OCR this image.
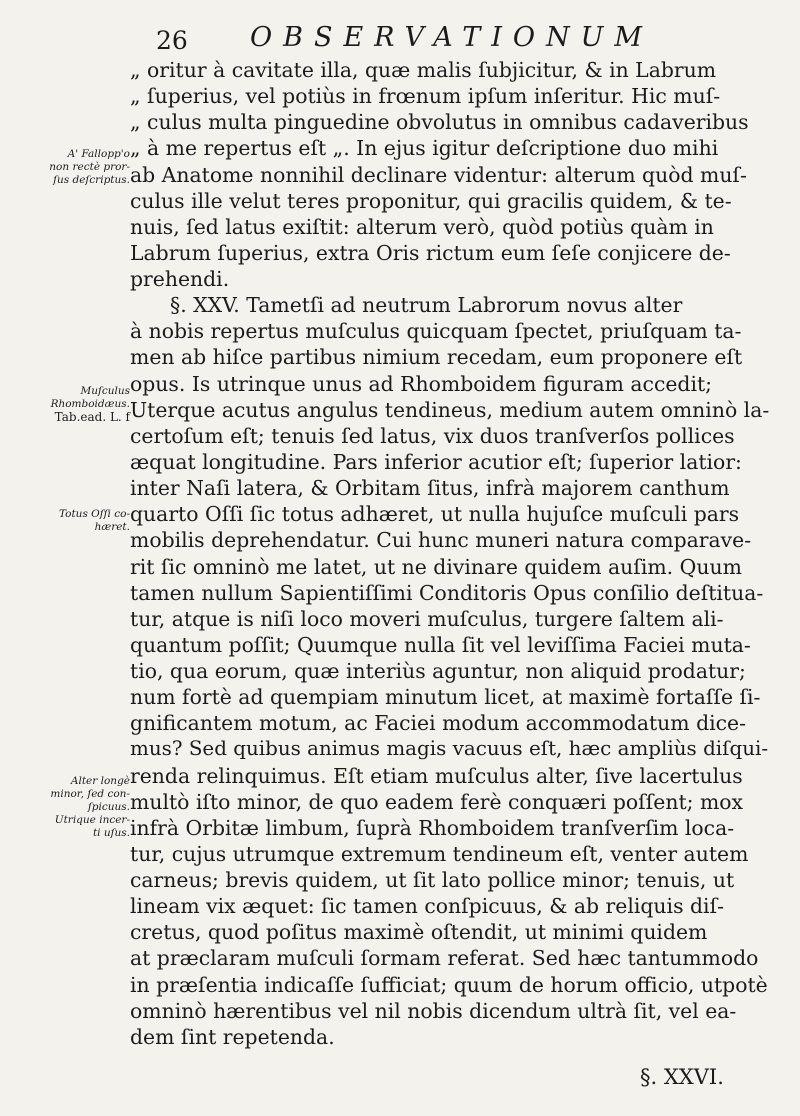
26 OBSERVATIONUM
A' Fallopp'o
non rectè pror-
ſus deſcriptus.
Muſculus
Rhomboidæus.
Tab.ead. L. f
Totus Oſſi co-
hæret.
Alter longè
minor, ſed con-
ſpicuus.
Utrique incer-
ti uſus.
„ oritur à cavitate illa, quæ malis ſubjicitur, & in Labrum
„ ſuperius, vel potiùs in frœnum ipſum inſeritur. Hic muſ-
„ culus multa pinguedine obvolutus in omnibus cadaveribus
„ à me repertus eſt „. In ejus igitur deſcriptione duo mihi
ab Anatome nonnihil declinare videntur: alterum quòd muſ-
culus ille velut teres proponitur, qui gracilis quidem, & te-
nuis, ſed latus exiſtit: alterum verò, quòd potiùs quàm in
Labrum ſuperius, extra Oris rictum eum ſeſe conjicere de-
prehendi.
§. XXV. Tametſi ad neutrum Labrorum novus alter
à nobis repertus muſculus quicquam ſpectet, priuſquam ta-
men ab hiſce partibus nimium recedam, eum proponere eſt
opus. Is utrinque unus ad Rhomboidem figuram accedit;
Uterque acutus angulus tendineus, medium autem omninò la-
certoſum eſt; tenuis ſed latus, vix duos tranſverſos pollices
æquat longitudine. Pars inferior acutior eſt; ſuperior latior:
inter Naſi latera, & Orbitam ſitus, infrà majorem canthum
quarto Oſſi ſic totus adhæret, ut nulla hujuſce muſculi pars
mobilis deprehendatur. Cui hunc muneri natura comparave-
rit ſic omninò me latet, ut ne divinare quidem auſim. Quum
tamen nullum Sapientiſſimi Conditoris Opus conſilio deſtitua-
tur, atque is niſi loco moveri muſculus, turgere ſaltem ali-
quantum poſſit; Quumque nulla ſit vel leviſſima Faciei muta-
tio, qua eorum, quæ interiùs aguntur, non aliquid prodatur;
num fortè ad quempiam minutum licet, at maximè fortaſſe ſi-
gnificantem motum, ac Faciei modum accommodatum dice-
mus? Sed quibus animus magis vacuus eſt, hæc ampliùs diſqui-
renda relinquimus. Eſt etiam muſculus alter, ſive lacertulus
multò iſto minor, de quo eadem ferè conquæri poſſent; mox
infrà Orbitæ limbum, ſuprà Rhomboidem tranſverſim loca-
tur, cujus utrumque extremum tendineum eſt, venter autem
carneus; brevis quidem, ut ſit lato pollice minor; tenuis, ut
lineam vix æquet: ſic tamen conſpicuus, & ab reliquis diſ-
cretus, quod poſitus maximè oſtendit, ut minimi quidem
at præclaram muſculi ſormam referat. Sed hæc tantummodo
in præſentia indicaſſe ſufficiat; quum de horum officio, utpotè
omninò hærentibus vel nil nobis dicendum ultrà ſit, vel ea-
dem ſint repetenda.
§. XXVI.
